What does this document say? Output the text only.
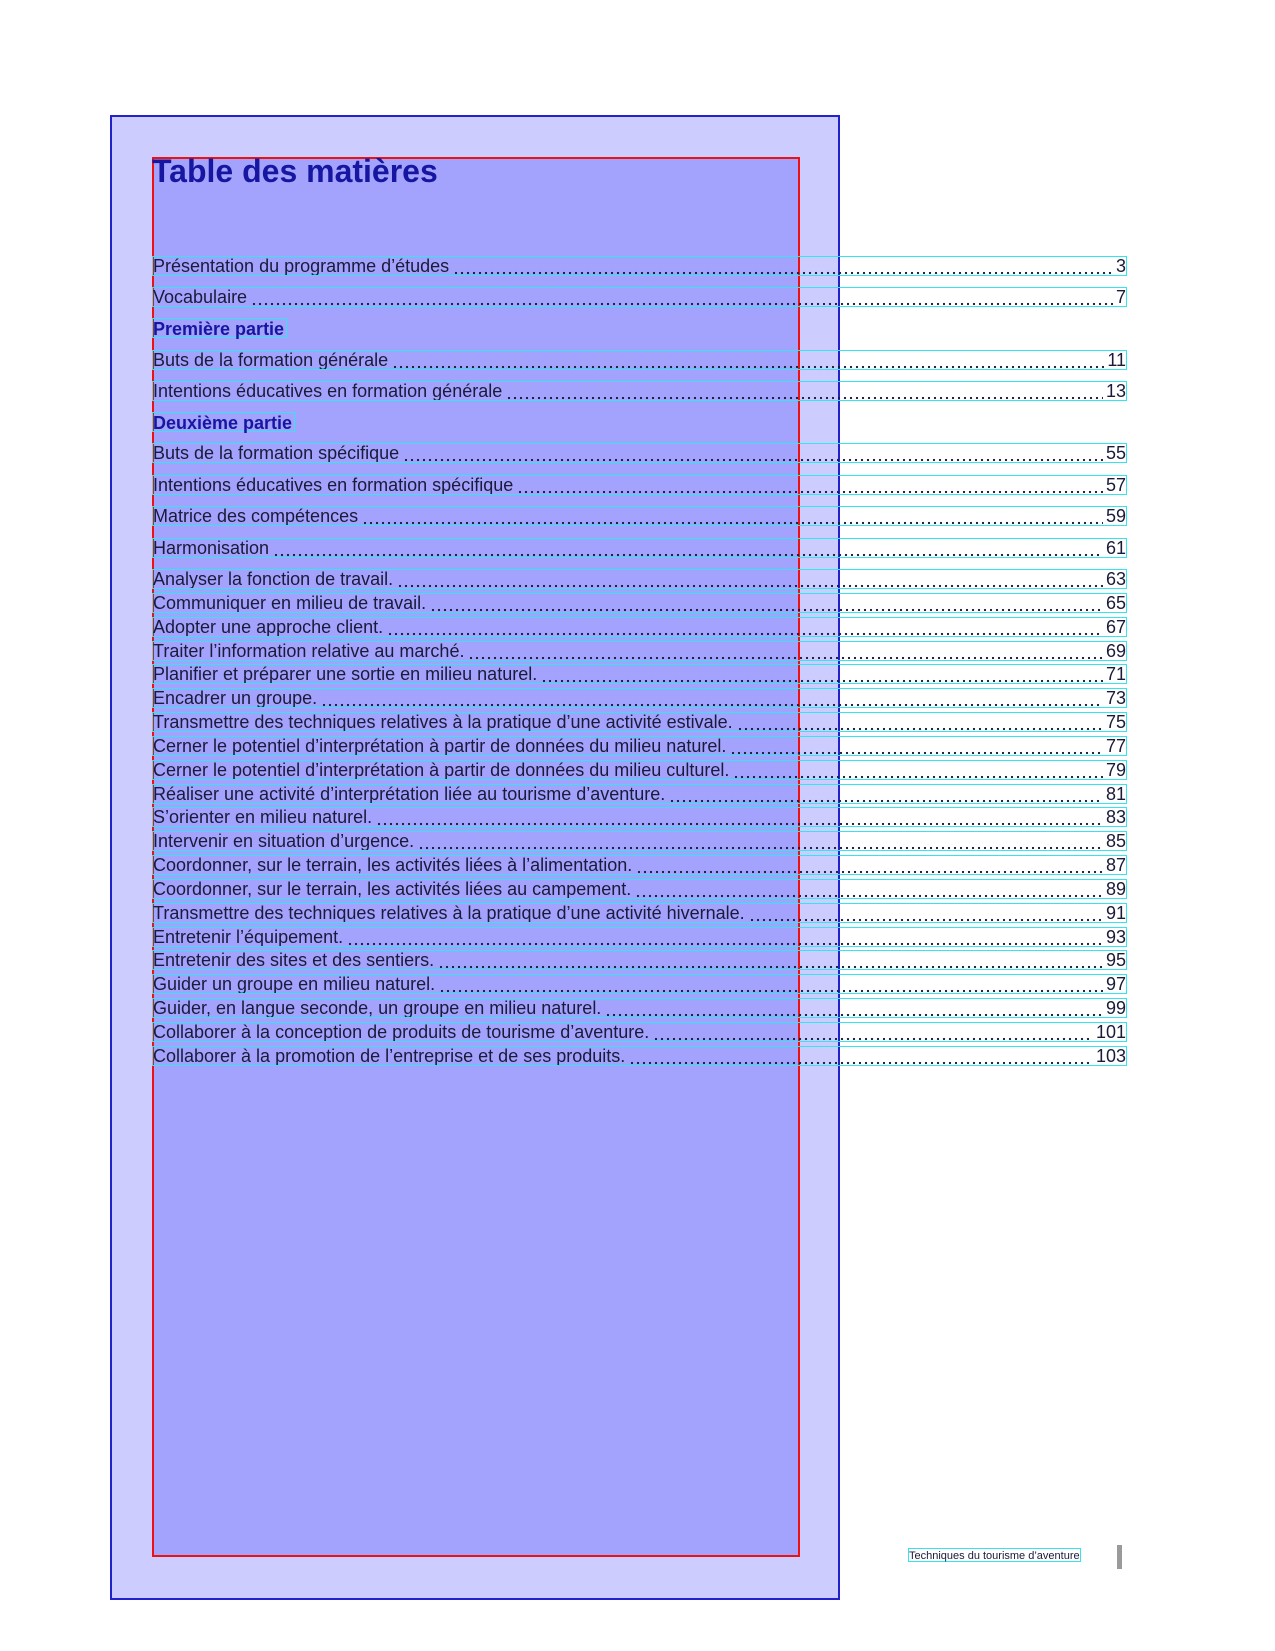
Table des matières
Présentation du programme d’études	3
Vocabulaire	7
Première partie
Buts de la formation générale	11
Intentions éducatives en formation générale	13
Deuxième partie
Buts de la formation spécifique	55
Intentions éducatives en formation spécifique	57
Matrice des compétences	59
Harmonisation	61
Analyser la fonction de travail.	63
Communiquer en milieu de travail.	65
Adopter une approche client.	67
Traiter l’information relative au marché.	69
Planifier et préparer une sortie en milieu naturel.	71
Encadrer un groupe.	73
Transmettre des techniques relatives à la pratique d’une activité estivale.	75
Cerner le potentiel d’interprétation à partir de données du milieu naturel.	77
Cerner le potentiel d’interprétation à partir de données du milieu culturel.	79
Réaliser une activité d’interprétation liée au tourisme d’aventure.	81
S’orienter en milieu naturel.	83
Intervenir en situation d’urgence.	85
Coordonner, sur le terrain, les activités liées à l’alimentation.	87
Coordonner, sur le terrain, les activités liées au campement.	89
Transmettre des techniques relatives à la pratique d’une activité hivernale.	91
Entretenir l’équipement.	93
Entretenir des sites et des sentiers.	95
Guider un groupe en milieu naturel.	97
Guider, en langue seconde, un groupe en milieu naturel.	99
Collaborer à la conception de produits de tourisme d’aventure.	101
Collaborer à la promotion de l’entreprise et de ses produits.	103
Techniques du tourisme d’aventure
